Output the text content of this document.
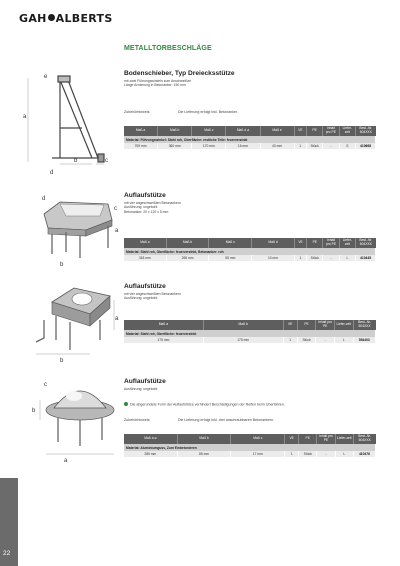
GAH ALBERTS
METALLTORBESCHLÄGE
e
a
b	c
d
Bodenschieber, Typ Dreiecksstütze
mit zwei Führungswinkeln zum Anschweißen
Länge Armierung in Betonanker: 150 mm
Zubehörhinweis:	Die Lieferung erfolgt inkl. Betonanker.
Maß a	Maß b	Maß c	Maß d ⌀	Maß e	VE	PE	Inhalt pro PE	Liefer-zeit	Best.-Nr. 604XXX
Material: Führungswinkel: Stahl roh, Oberfläche: restliche Teile: feuerverzinkt									
709 mm	360 mm	170 mm	16 mm	40 mm	1	Stück	-	S	410668
d
c
a
b
Auflaufstütze
mit vier angeschweißten Betonankern
Ausführung: ungeboht
Betonanker: 20 x 120 x 5 mm
Maß a	Maß b	Maß c	Maß d	VE	PE	Inhalt pro PE	Liefer-zeit	Best.-Nr. 604XXX
Material: Stahl roh, Oberfläche: feuerverzinkt, Betonanker: roh								
318 mm	265 mm	55 mm	10 mm	1	Stück	-	L	410445
a
b
Auflaufstütze
mit vier angeschweißten Betonankern
Ausführung: ungeboht
Maß a	Maß b	VE	PE	Inhalt pro PE	Liefer-zeit	Best.-Nr. 604XXX
Material: Stahl roh, Oberfläche: feuerverzinkt						
175 mm	175 mm	1	Stück	-	L	554403
c
b
a
Auflaufstütze
Ausführung: ungeboht
Die abgerundete Form der Auflaufstütze verhindert Beschädigungen der Reifen beim Überfahren.
Zubehörhinweis:	Die Lieferung erfolgt inkl. drei anschraubbaren Betonankern.
Maß a ⌀	Maß b	Maß c	VE	PE	Inhalt pro PE	Liefer-zeit	Best.-Nr. 604XXX
Material: Aluminiumguss, Zum Einbetonieren							
285 mm	85 mm	17 mm	1	Stück	-	L	410476
22
